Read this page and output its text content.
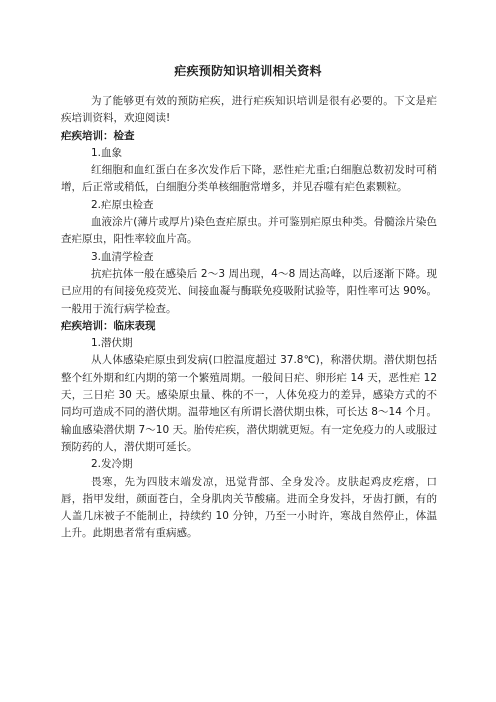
疟疾预防知识培训相关资料

为了能够更有效的预防疟疾，进行疟疾知识培训是很有必要的。下文是疟疾培训资料，欢迎阅读!

疟疾培训：检查

1.血象

红细胞和血红蛋白在多次发作后下降，恶性疟尤重;白细胞总数初发时可稍增，后正常或稍低，白细胞分类单核细胞常增多，并见吞噬有疟色素颗粒。

2.疟原虫检查

血液涂片(薄片或厚片)染色查疟原虫。并可鉴别疟原虫种类。骨髓涂片染色查疟原虫，阳性率较血片高。

3.血清学检查

抗疟抗体一般在感染后 2～3 周出现，4～8 周达高峰，以后逐渐下降。现已应用的有间接免疫荧光、间接血凝与酶联免疫吸附试验等，阳性率可达 90%。一般用于流行病学检查。

疟疾培训：临床表现

1.潜伏期

从人体感染疟原虫到发病(口腔温度超过 37.8℃)，称潜伏期。潜伏期包括整个红外期和红内期的第一个繁殖周期。一般间日疟、卵形疟 14 天，恶性疟 12 天，三日疟 30 天。感染原虫量、株的不一，人体免疫力的差异，感染方式的不同均可造成不同的潜伏期。温带地区有所谓长潜伏期虫株，可长达 8～14 个月。输血感染潜伏期 7～10 天。胎传疟疾，潜伏期就更短。有一定免疫力的人或服过预防药的人，潜伏期可延长。

2.发冷期

畏寒，先为四肢末端发凉，迅觉背部、全身发冷。皮肤起鸡皮疙瘩，口唇，指甲发绀，颜面苍白，全身肌肉关节酸痛。进而全身发抖，牙齿打颤，有的人盖几床被子不能制止，持续约 10 分钟，乃至一小时许，寒战自然停止，体温上升。此期患者常有重病感。
